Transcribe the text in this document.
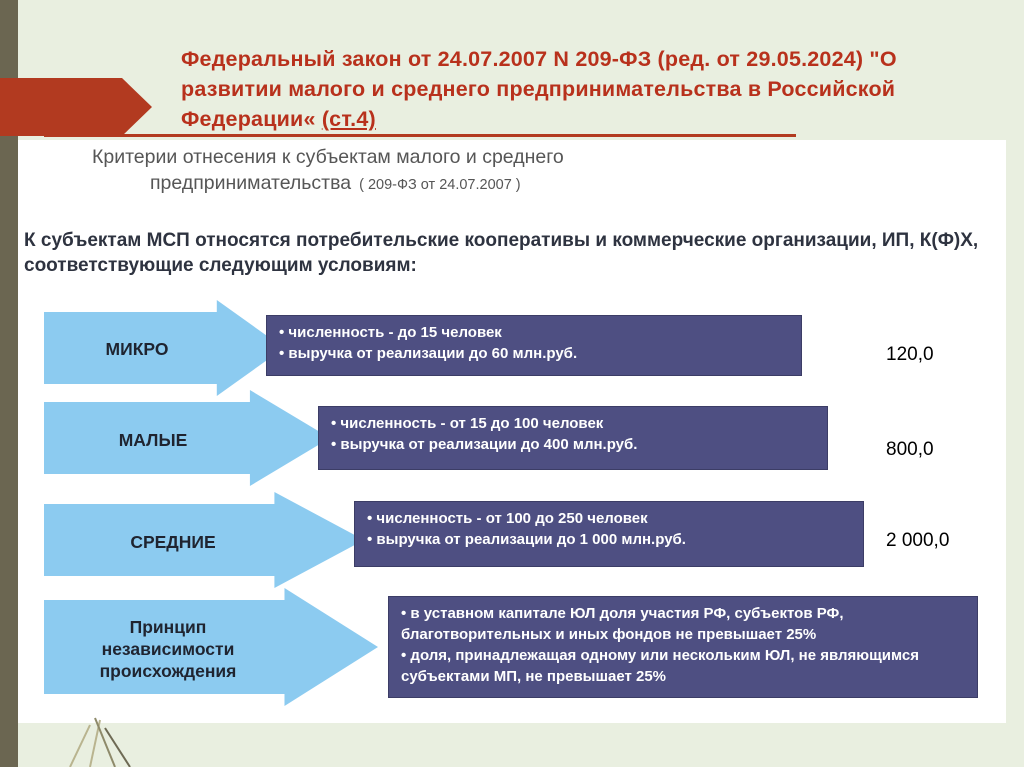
Федеральный закон от 24.07.2007 N 209-ФЗ (ред. от 29.05.2024) "О развитии малого и среднего предпринимательства в Российской Федерации« (ст.4)
Критерии отнесения к субъектам малого и среднего
предпринимательства ( 209-ФЗ от 24.07.2007 )
К субъектам МСП относятся потребительские кооперативы и коммерческие организации, ИП, К(Ф)Х, соответствующие следующим условиям:
МИКРО
• численность - до 15 человек
• выручка от реализации до 60 млн.руб.	120,0
МАЛЫЕ
• численность - от 15 до 100 человек
• выручка от реализации до 400 млн.руб.	800,0
СРЕДНИЕ
• численность - от 100 до 250 человек
• выручка от реализации до 1 000 млн.руб.	2 000,0
Принцип независимости происхождения
• в уставном капитале ЮЛ доля участия РФ, субъектов РФ, благотворительных и иных фондов не превышает 25%
• доля, принадлежащая одному или нескольким ЮЛ, не являющимся субъектами МП, не превышает 25%
